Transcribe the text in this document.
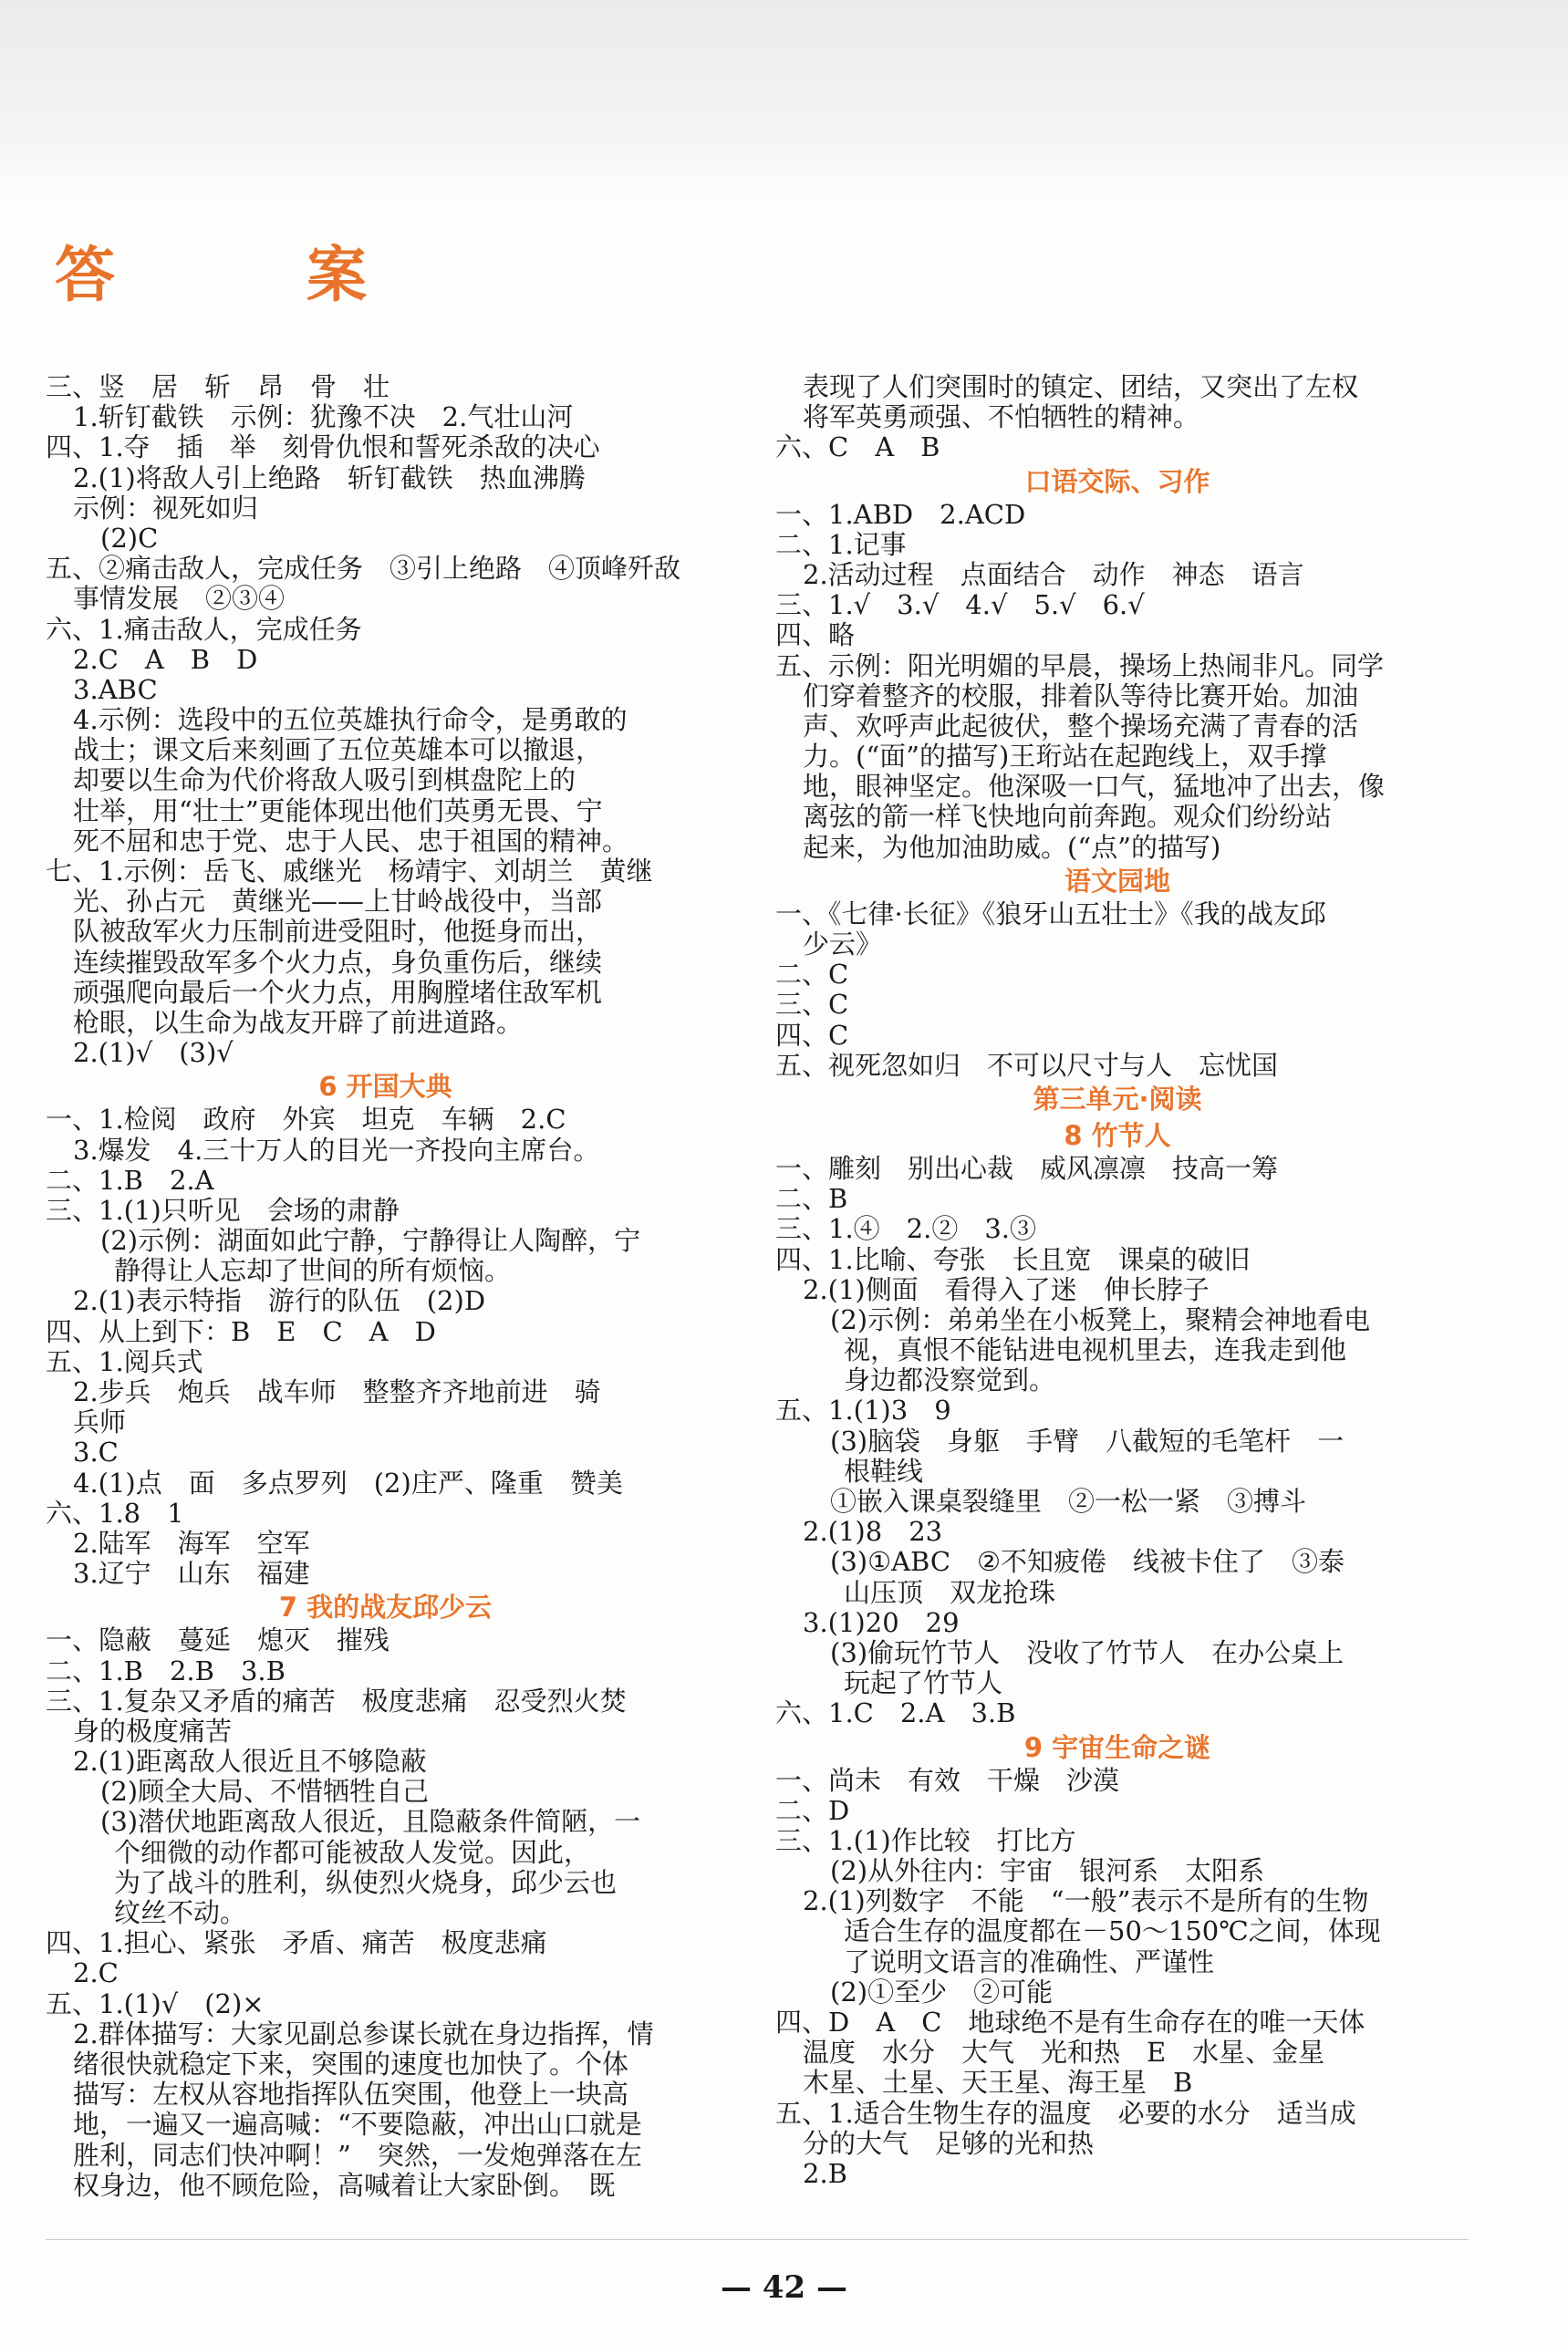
答　案
三、竖　居　斩　昂　骨　壮
1.斩钉截铁　示例：犹豫不决　2.气壮山河
四、1.夺　插　举　刻骨仇恨和誓死杀敌的决心
2.(1)将敌人引上绝路　斩钉截铁　热血沸腾
示例：视死如归
(2)C
五、②痛击敌人，完成任务　③引上绝路　④顶峰歼敌
事情发展　②③④
六、1.痛击敌人，完成任务
2.C　A　B　D
3.ABC
4.示例：选段中的五位英雄执行命令，是勇敢的
战士；课文后来刻画了五位英雄本可以撤退，
却要以生命为代价将敌人吸引到棋盘陀上的
壮举，用“壮士”更能体现出他们英勇无畏、宁
死不屈和忠于党、忠于人民、忠于祖国的精神。
七、1.示例：岳飞、戚继光　杨靖宇、刘胡兰　黄继
光、孙占元　黄继光——上甘岭战役中，当部
队被敌军火力压制前进受阻时，他挺身而出，
连续摧毁敌军多个火力点，身负重伤后，继续
顽强爬向最后一个火力点，用胸膛堵住敌军机
枪眼，以生命为战友开辟了前进道路。
2.(1)√　(3)√
6 开国大典
一、1.检阅　政府　外宾　坦克　车辆　2.C
3.爆发　4.三十万人的目光一齐投向主席台。
二、1.B　2.A
三、1.(1)只听见　会场的肃静
(2)示例：湖面如此宁静，宁静得让人陶醉，宁
静得让人忘却了世间的所有烦恼。
2.(1)表示特指　游行的队伍　(2)D
四、从上到下：B　E　C　A　D
五、1.阅兵式
2.步兵　炮兵　战车师　整整齐齐地前进　骑
兵师
3.C
4.(1)点　面　多点罗列　(2)庄严、隆重　赞美
六、1.8　1
2.陆军　海军　空军
3.辽宁　山东　福建
7 我的战友邱少云
一、隐蔽　蔓延　熄灭　摧残
二、1.B　2.B　3.B
三、1.复杂又矛盾的痛苦　极度悲痛　忍受烈火焚
身的极度痛苦
2.(1)距离敌人很近且不够隐蔽
(2)顾全大局、不惜牺牲自己
(3)潜伏地距离敌人很近，且隐蔽条件简陋，一
个细微的动作都可能被敌人发觉。因此，
为了战斗的胜利，纵使烈火烧身，邱少云也
纹丝不动。
四、1.担心、紧张　矛盾、痛苦　极度悲痛
2.C
五、1.(1)√　(2)×
2.群体描写：大家见副总参谋长就在身边指挥，情
绪很快就稳定下来，突围的速度也加快了。个体
描写：左权从容地指挥队伍突围，他登上一块高
地，一遍又一遍高喊：“不要隐蔽，冲出山口就是
胜利，同志们快冲啊！”　突然，一发炮弹落在左
权身边，他不顾危险，高喊着让大家卧倒。　既
表现了人们突围时的镇定、团结，又突出了左权
将军英勇顽强、不怕牺牲的精神。
六、C　A　B
口语交际、习作
一、1.ABD　2.ACD
二、1.记事
2.活动过程　点面结合　动作　神态　语言
三、1.√　3.√　4.√　5.√　6.√
四、略
五、示例：阳光明媚的早晨，操场上热闹非凡。同学
们穿着整齐的校服，排着队等待比赛开始。加油
声、欢呼声此起彼伏，整个操场充满了青春的活
力。(“面”的描写)王珩站在起跑线上，双手撑
地，眼神坚定。他深吸一口气，猛地冲了出去，像
离弦的箭一样飞快地向前奔跑。观众们纷纷站
起来，为他加油助威。(“点”的描写)
语文园地
一、《七律·长征》《狼牙山五壮士》《我的战友邱
少云》
二、C
三、C
四、C
五、视死忽如归　不可以尺寸与人　忘忧国
第三单元·阅读
8 竹节人
一、雕刻　别出心裁　威风凛凛　技高一筹
二、B
三、1.④　2.②　3.③
四、1.比喻、夸张　长且宽　课桌的破旧
2.(1)侧面　看得入了迷　伸长脖子
(2)示例：弟弟坐在小板凳上，聚精会神地看电
视，真恨不能钻进电视机里去，连我走到他
身边都没察觉到。
五、1.(1)3　9
(3)脑袋　身躯　手臂　八截短的毛笔杆　一
根鞋线
①嵌入课桌裂缝里　②一松一紧　③搏斗
2.(1)8　23
(3)①ABC　②不知疲倦　线被卡住了　③泰
山压顶　双龙抢珠
3.(1)20　29
(3)偷玩竹节人　没收了竹节人　在办公桌上
玩起了竹节人
六、1.C　2.A　3.B
9 宇宙生命之谜
一、尚未　有效　干燥　沙漠
二、D
三、1.(1)作比较　打比方
(2)从外往内：宇宙　银河系　太阳系
2.(1)列数字　不能　“一般”表示不是所有的生物
适合生存的温度都在－50～150℃之间，体现
了说明文语言的准确性、严谨性
(2)①至少　②可能
四、D　A　C　地球绝不是有生命存在的唯一天体
温度　水分　大气　光和热　E　水星、金星
木星、土星、天王星、海王星　B
五、1.适合生物生存的温度　必要的水分　适当成
分的大气　足够的光和热
2.B
— 42 —
